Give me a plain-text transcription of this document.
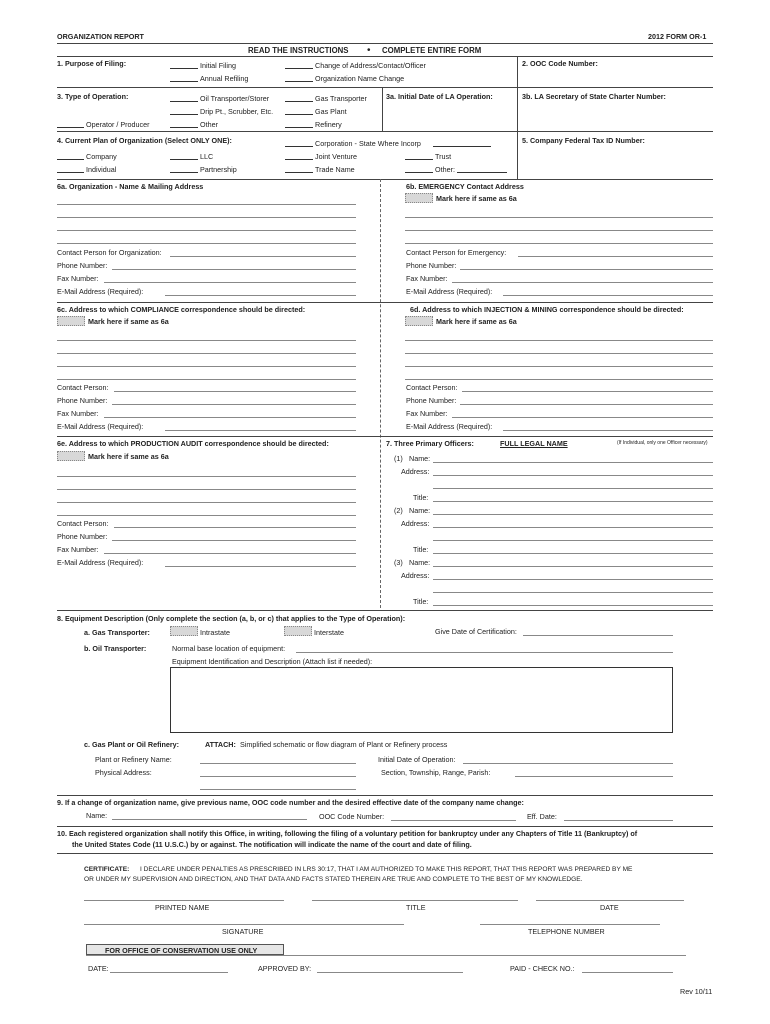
ORGANIZATION REPORT	2012 FORM OR-1
READ THE INSTRUCTIONS • COMPLETE ENTIRE FORM
1. Purpose of Filing:	Initial Filing
Annual Refiling
Change of Address/Contact/Officer
Organization Name Change
2. OOC Code Number:
3. Type of Operation:	Oil Transporter/Storer
Drip Pt., Scrubber, Etc.
Other
Operator / Producer
Gas Transporter
Gas Plant
Refinery
3a. Initial Date of LA Operation:	3b. LA Secretary of State Charter Number:
4. Current Plan of Organization (Select ONLY ONE):
Company
Individual
LLC
Partnership
Corporation - State Where Incorp
Joint Venture
Trade Name
Trust
Other:
5. Company Federal Tax ID Number:
6a. Organization - Name & Mailing Address
Contact Person for Organization:
Phone Number:
Fax Number:
E-Mail Address (Required):
6b. EMERGENCY Contact Address
Mark here if same as 6a
Contact Person for Emergency:
Phone Number:
Fax Number:
E-Mail Address (Required):
6c. Address to which COMPLIANCE correspondence should be directed:
Mark here if same as 6a
Contact Person:
Phone Number:
Fax Number:
E-Mail Address (Required):
6d. Address to which INJECTION & MINING correspondence should be directed:
Mark here if same as 6a
Contact Person:
Phone Number:
Fax Number:
E-Mail Address (Required):
6e. Address to which PRODUCTION AUDIT correspondence should be directed:
Mark here if same as 6a
Contact Person:
Phone Number:
Fax Number:
E-Mail Address (Required):
7. Three Primary Officers:	FULL LEGAL NAME	(If Individual, only one Officer necessary)
(1) Name:
Address:
Title:
(2) Name:
Address:
Title:
(3) Name:
Address:
Title:
8. Equipment Description (Only complete the section (a, b, or c) that applies to the Type of Operation):
a. Gas Transporter:	Intrastate	Interstate	Give Date of Certification:
b. Oil Transporter:	Normal base location of equipment:
Equipment Identification and Description (Attach list if needed):
c. Gas Plant or Oil Refinery:	ATTACH: Simplified schematic or flow diagram of Plant or Refinery process
Plant or Refinery Name:
Physical Address:
Initial Date of Operation:
Section, Township, Range, Parish:
9. If a change of organization name, give previous name, OOC code number and the desired effective date of the company name change:
Name:	OOC Code Number:	Eff. Date:
10. Each registered organization shall notify this Office, in writing, following the filing of a voluntary petition for bankruptcy under any Chapters of Title 11 (Bankruptcy) of
the United States Code (11 U.S.C.) by or against. The notification will indicate the name of the court and date of filing.
CERTIFICATE: I DECLARE UNDER PENALTIES AS PRESCRIBED IN LRS 30:17, THAT I AM AUTHORIZED TO MAKE THIS REPORT, THAT THIS REPORT WAS PREPARED BY ME
OR UNDER MY SUPERVISION AND DIRECTION, AND THAT DATA AND FACTS STATED THEREIN ARE TRUE AND COMPLETE TO THE BEST OF MY KNOWLEDGE.
PRINTED NAME	TITLE	DATE
SIGNATURE	TELEPHONE NUMBER
FOR OFFICE OF CONSERVATION USE ONLY
DATE:	APPROVED BY:	PAID - CHECK NO.:
Rev 10/11
